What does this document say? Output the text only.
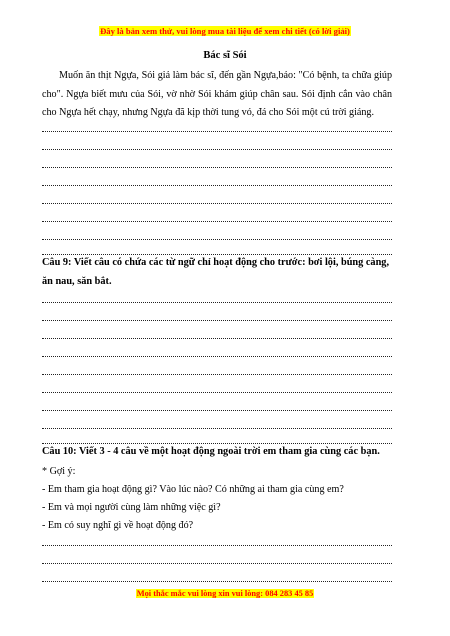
Đây là bản xem thử, vui lòng mua tài liệu để xem chi tiết (có lời giải)
Bác sĩ Sói
Muốn ăn thịt Ngựa, Sói giả làm bác sĩ, đến gần Ngựa,bảo: "Có bệnh, ta chữa giúp cho". Ngựa biết mưu của Sói, vờ nhờ Sói khám giúp chân sau. Sói định cắn vào chân cho Ngựa hết chạy, nhưng Ngựa đã kịp thời tung vó, đá cho Sói một cú trời giáng.
Câu 9: Viết câu có chứa các từ ngữ chỉ hoạt động cho trước: bơi lội, búng càng, ăn nau, săn bắt.
Câu 10: Viết 3 - 4 câu về một hoạt động ngoài trời em tham gia cùng các bạn.
* Gợi ý:
- Em tham gia hoạt động gì? Vào lúc nào? Có những ai tham gia cùng em?
- Em và mọi người cùng làm những việc gì?
- Em có suy nghĩ gì về hoạt động đó?
Mọi thắc mắc vui lòng xin vui lòng: 084 283 45 85
